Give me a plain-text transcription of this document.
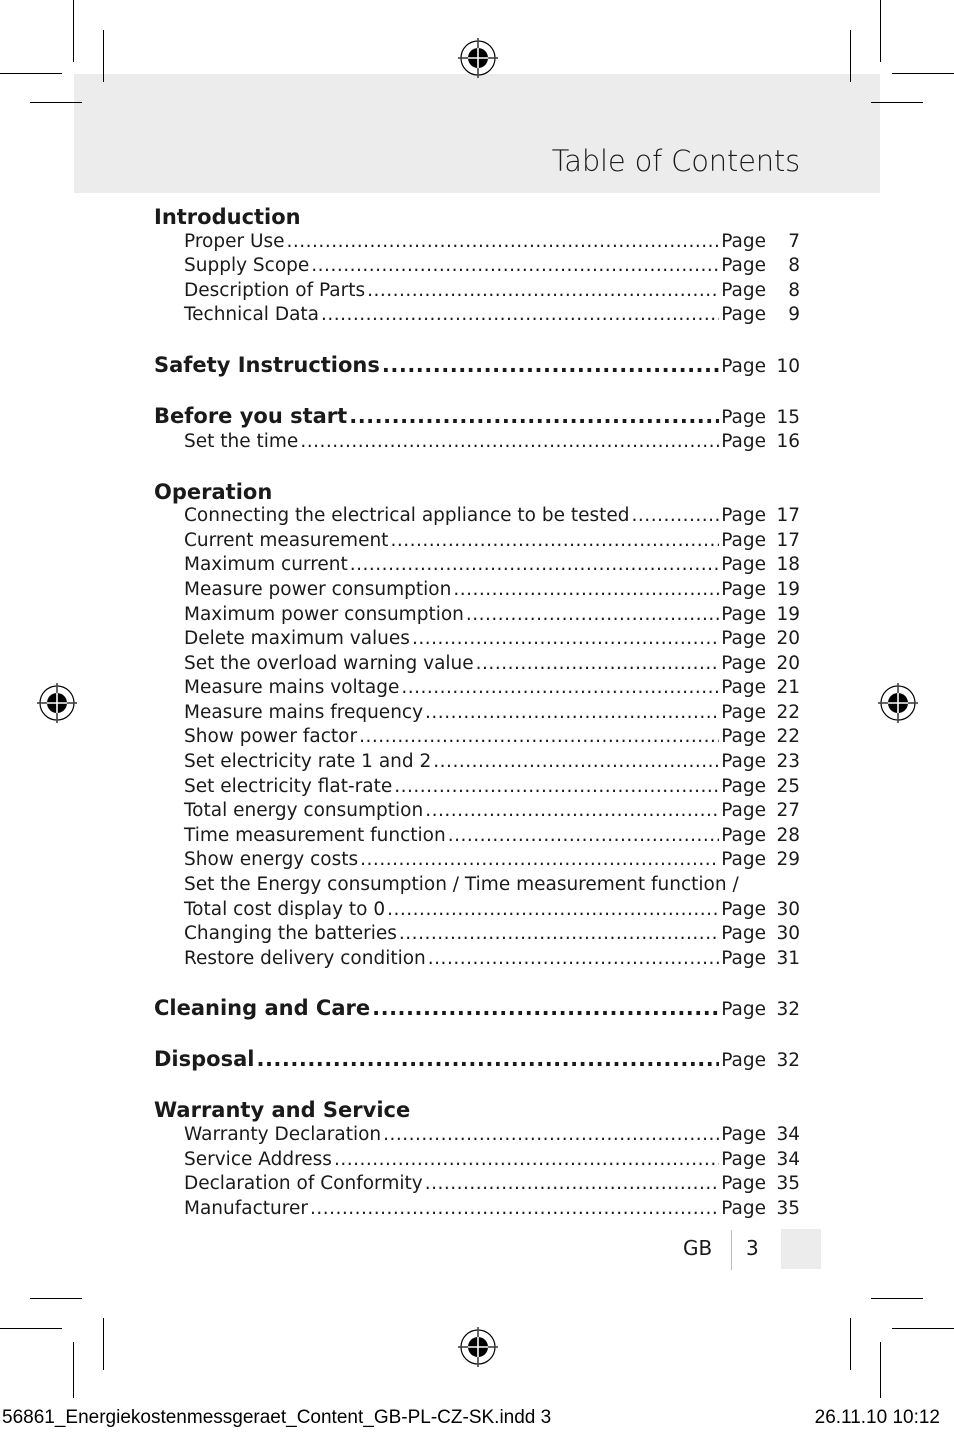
Table of Contents
Introduction
Proper Use .....	Page	7
Supply Scope .....	Page	8
Description of Parts .....	Page	8
Technical Data .....	Page	9
Safety Instructions .....	Page 10
Before you start .....	Page 15
Set the time .....	Page 16
Operation
Connecting the electrical appliance to be tested .....	Page 17
Current measurement .....	Page 17
Maximum current .....	Page 18
Measure power consumption .....	Page 19
Maximum power consumption .....	Page 19
Delete maximum values .....	Page 20
Set the overload warning value .....	Page 20
Measure mains voltage .....	Page 21
Measure mains frequency .....	Page 22
Show power factor .....	Page 22
Set electricity rate 1 and 2 .....	Page 23
Set electricity flat-rate .....	Page 25
Total energy consumption .....	Page 27
Time measurement function .....	Page 28
Show energy costs .....	Page 29
Set the Energy consumption / Time measurement function /
Total cost display to 0 .....	Page 30
Changing the batteries .....	Page 30
Restore delivery condition .....	Page 31
Cleaning and Care .....	Page 32
Disposal .....	Page 32
Warranty and Service
Warranty Declaration .....	Page 34
Service Address .....	Page 34
Declaration of Conformity .....	Page 35
Manufacturer .....	Page 35
GB 3
56861_Energiekostenmessgeraet_Content_GB-PL-CZ-SK.indd 3	26.11.10 10:12
